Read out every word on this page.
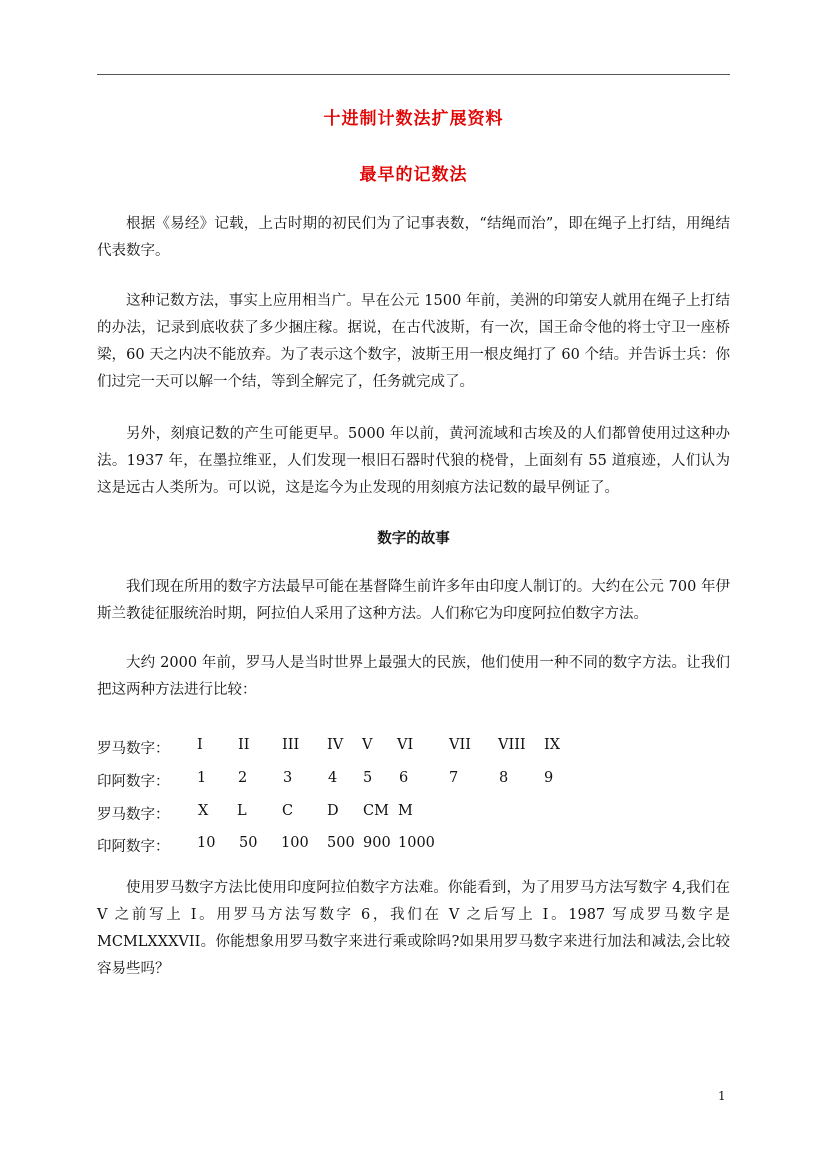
十进制计数法扩展资料
最早的记数法

根据《易经》记载，上古时期的初民们为了记事表数，“结绳而治”，即在绳子上打结，用绳结代表数字。

这种记数方法，事实上应用相当广。早在公元 1500 年前，美洲的印第安人就用在绳子上打结的办法，记录到底收获了多少捆庄稼。据说，在古代波斯，有一次，国王命令他的将士守卫一座桥梁，60 天之内决不能放弃。为了表示这个数字，波斯王用一根皮绳打了 60 个结。并告诉士兵：你们过完一天可以解一个结，等到全解完了，任务就完成了。

另外，刻痕记数的产生可能更早。5000 年以前，黄河流域和古埃及的人们都曾使用过这种办法。1937 年，在墨拉维亚，人们发现一根旧石器时代狼的桡骨，上面刻有 55 道痕迹，人们认为这是远古人类所为。可以说，这是迄今为止发现的用刻痕方法记数的最早例证了。

数字的故事

我们现在所用的数字方法最早可能在基督降生前许多年由印度人制订的。大约在公元 700 年伊斯兰教徒征服统治时期，阿拉伯人采用了这种方法。人们称它为印度阿拉伯数字方法。

大约 2000 年前，罗马人是当时世界上最强大的民族，他们使用一种不同的数字方法。让我们把这两种方法进行比较：

罗马数字：	I II III IV V VI VII VIII IX
印阿数字：	1 2 3 4 5 6	7	8 9
罗马数字：	X L C D CM M
印阿数字：	10 50 100 500 900 1000

使用罗马数字方法比使用印度阿拉伯数字方法难。你能看到，为了用罗马方法写数字 4,我们在 V 之前写上 I。用罗马方法写数字 6，我们在 V 之后写上 I。1987 写成罗马数字是 MCMLXXXVII。你能想象用罗马数字来进行乘或除吗?如果用罗马数字来进行加法和减法,会比较容易些吗？

1
